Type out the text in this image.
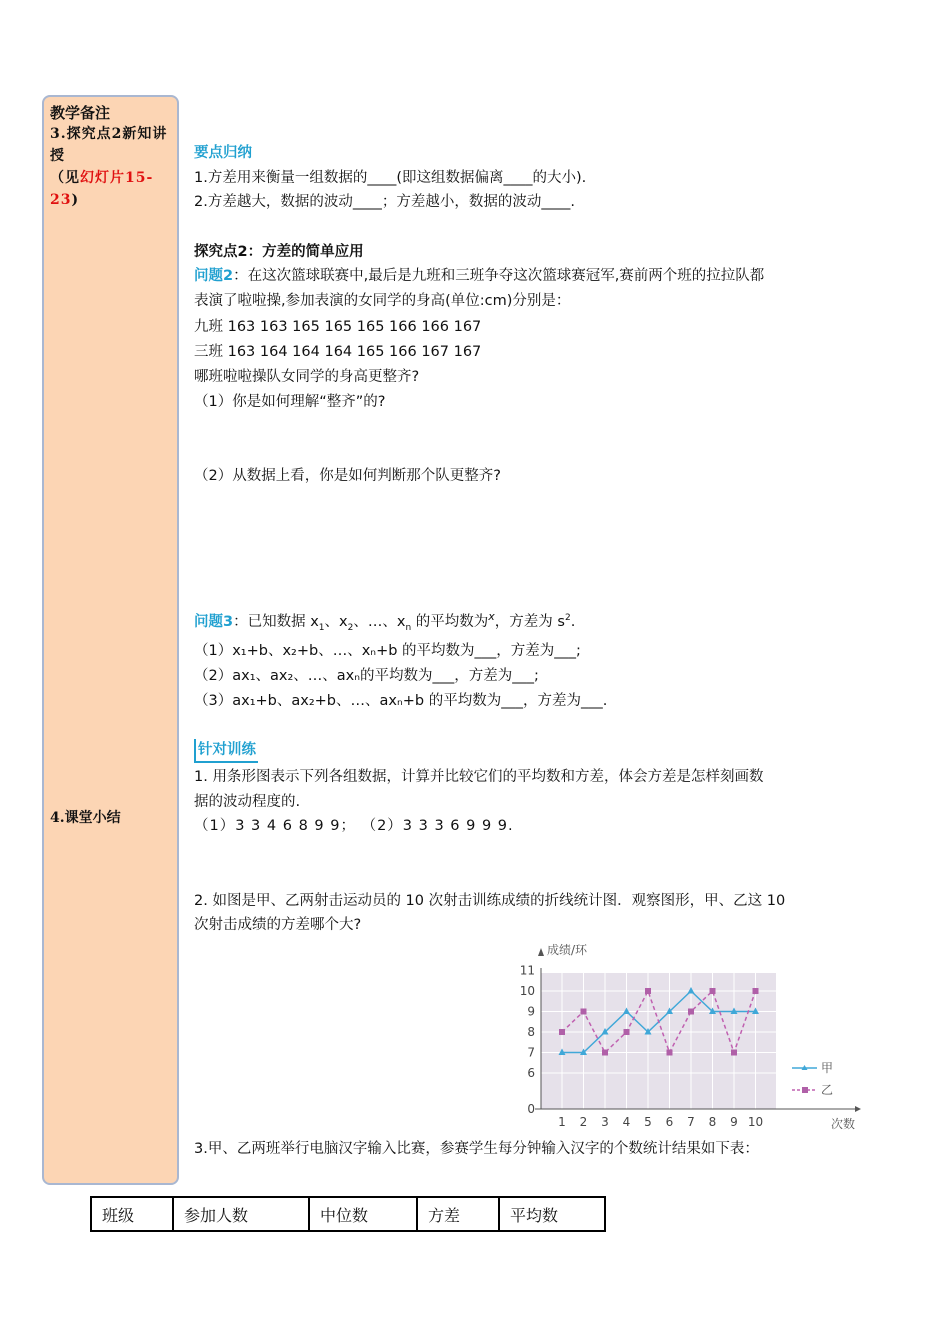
教学备注
3.探究点2新知讲授
（见幻灯片15-23)
4.课堂小结
要点归纳
1.方差用来衡量一组数据的____(即这组数据偏离____的大小).
2.方差越大，数据的波动____；方差越小，数据的波动____.
探究点2：方差的简单应用
问题2：在这次篮球联赛中,最后是九班和三班争夺这次篮球赛冠军,赛前两个班的拉拉队都
表演了啦啦操,参加表演的女同学的身高(单位:cm)分别是：
九班 163 163 165 165 165 166 166 167
三班 163 164 164 164 165 166 167 167
哪班啦啦操队女同学的身高更整齐?
（1）你是如何理解“整齐”的?
（2）从数据上看，你是如何判断那个队更整齐?
问题3：已知数据 $x_1$、$x_2$、…、$x_n$ 的平均数为$^x$，方差为 $s^2$.
（1）x₁+b、x₂+b、…、xₙ+b 的平均数为___，方差为___;
（2）ax₁、ax₂、…、axₙ的平均数为___，方差为___;
（3）ax₁+b、ax₂+b、…、axₙ+b 的平均数为___，方差为___.
针对训练
1. 用条形图表示下列各组数据，计算并比较它们的平均数和方差，体会方差是怎样刻画数
据的波动程度的.
（1）3 3 4 6 8 9 9； （2）3 3 3 6 9 9 9.
2. 如图是甲、乙两射击运动员的 10 次射击训练成绩的折线统计图．观察图形，甲、乙这 10
次射击成绩的方差哪个大?
3.甲、乙两班举行电脑汉字输入比赛，参赛学生每分钟输入汉字的个数统计结果如下表：
成绩/环
次数
0
6
7
8
9
10
11
1 2 3 4 5 6 7 8 9 10
甲
乙
班级	参加人数	中位数	方差	平均数
